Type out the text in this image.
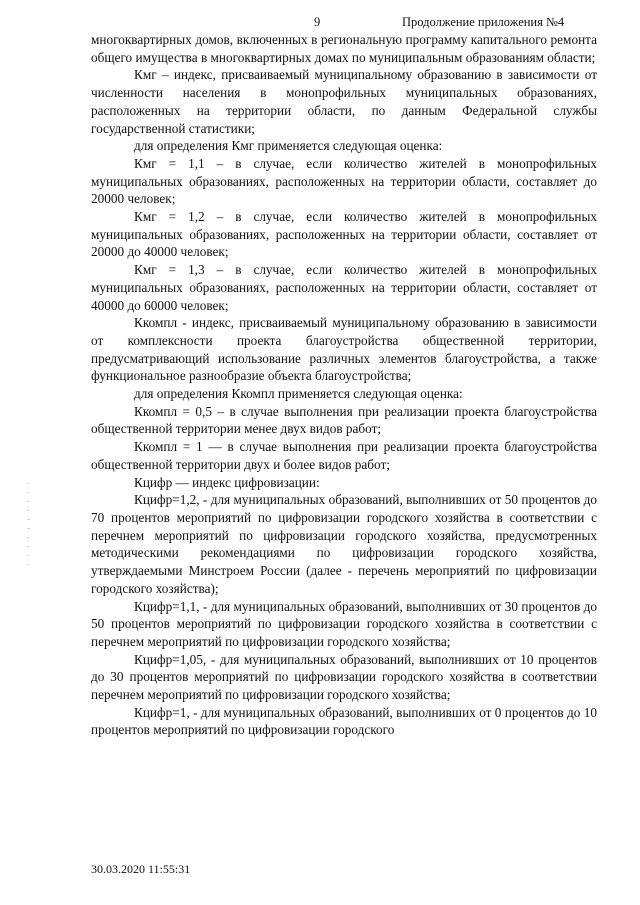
9	Продолжение приложения №4

многоквартирных домов, включенных в региональную программу капитального ремонта общего имущества в многоквартирных домах по муниципальным образованиям области;

Кмг – индекс, присваиваемый муниципальному образованию в зависимости от численности населения в монопрофильных муниципальных образованиях, расположенных на территории области, по данным Федеральной службы государственной статистики;

для определения Кмг применяется следующая оценка:

Кмг = 1,1 – в случае, если количество жителей в монопрофильных муниципальных образованиях, расположенных на территории области, составляет до 20000 человек;

Кмг = 1,2 – в случае, если количество жителей в монопрофильных муниципальных образованиях, расположенных на территории области, составляет от 20000 до 40000 человек;

Кмг = 1,3 – в случае, если количество жителей в монопрофильных муниципальных образованиях, расположенных на территории области, составляет от 40000 до 60000 человек;

Ккомпл - индекс, присваиваемый муниципальному образованию в зависимости от комплексности проекта благоустройства общественной территории, предусматривающий использование различных элементов благоустройства, а также функциональное разнообразие объекта благоустройства;

для определения Ккомпл применяется следующая оценка:

Ккомпл = 0,5 – в случае выполнения при реализации проекта благоустройства общественной территории менее двух видов работ;

Ккомпл = 1 — в случае выполнения при реализации проекта благоустройства общественной территории двух и более видов работ;

Кцифр — индекс цифровизации:

Кцифр=1,2, - для муниципальных образований, выполнивших от 50 процентов до 70 процентов мероприятий по цифровизации городского хозяйства в соответствии с перечнем мероприятий по цифровизации городского хозяйства, предусмотренных методическими рекомендациями по цифровизации городского хозяйства, утверждаемыми Минстроем России (далее - перечень мероприятий по цифровизации городского хозяйства);

Кцифр=1,1, - для муниципальных образований, выполнивших от 30 процентов до 50 процентов мероприятий по цифровизации городского хозяйства в соответствии с перечнем мероприятий по цифровизации городского хозяйства;

Кцифр=1,05, - для муниципальных образований, выполнивших от 10 процентов до 30 процентов мероприятий по цифровизации городского хозяйства в соответствии перечнем мероприятий по цифровизации городского хозяйства;

Кцифр=1, - для муниципальных образований, выполнивших от 0 процентов до 10 процентов мероприятий по цифровизации городского

30.03.2020 11:55:31
